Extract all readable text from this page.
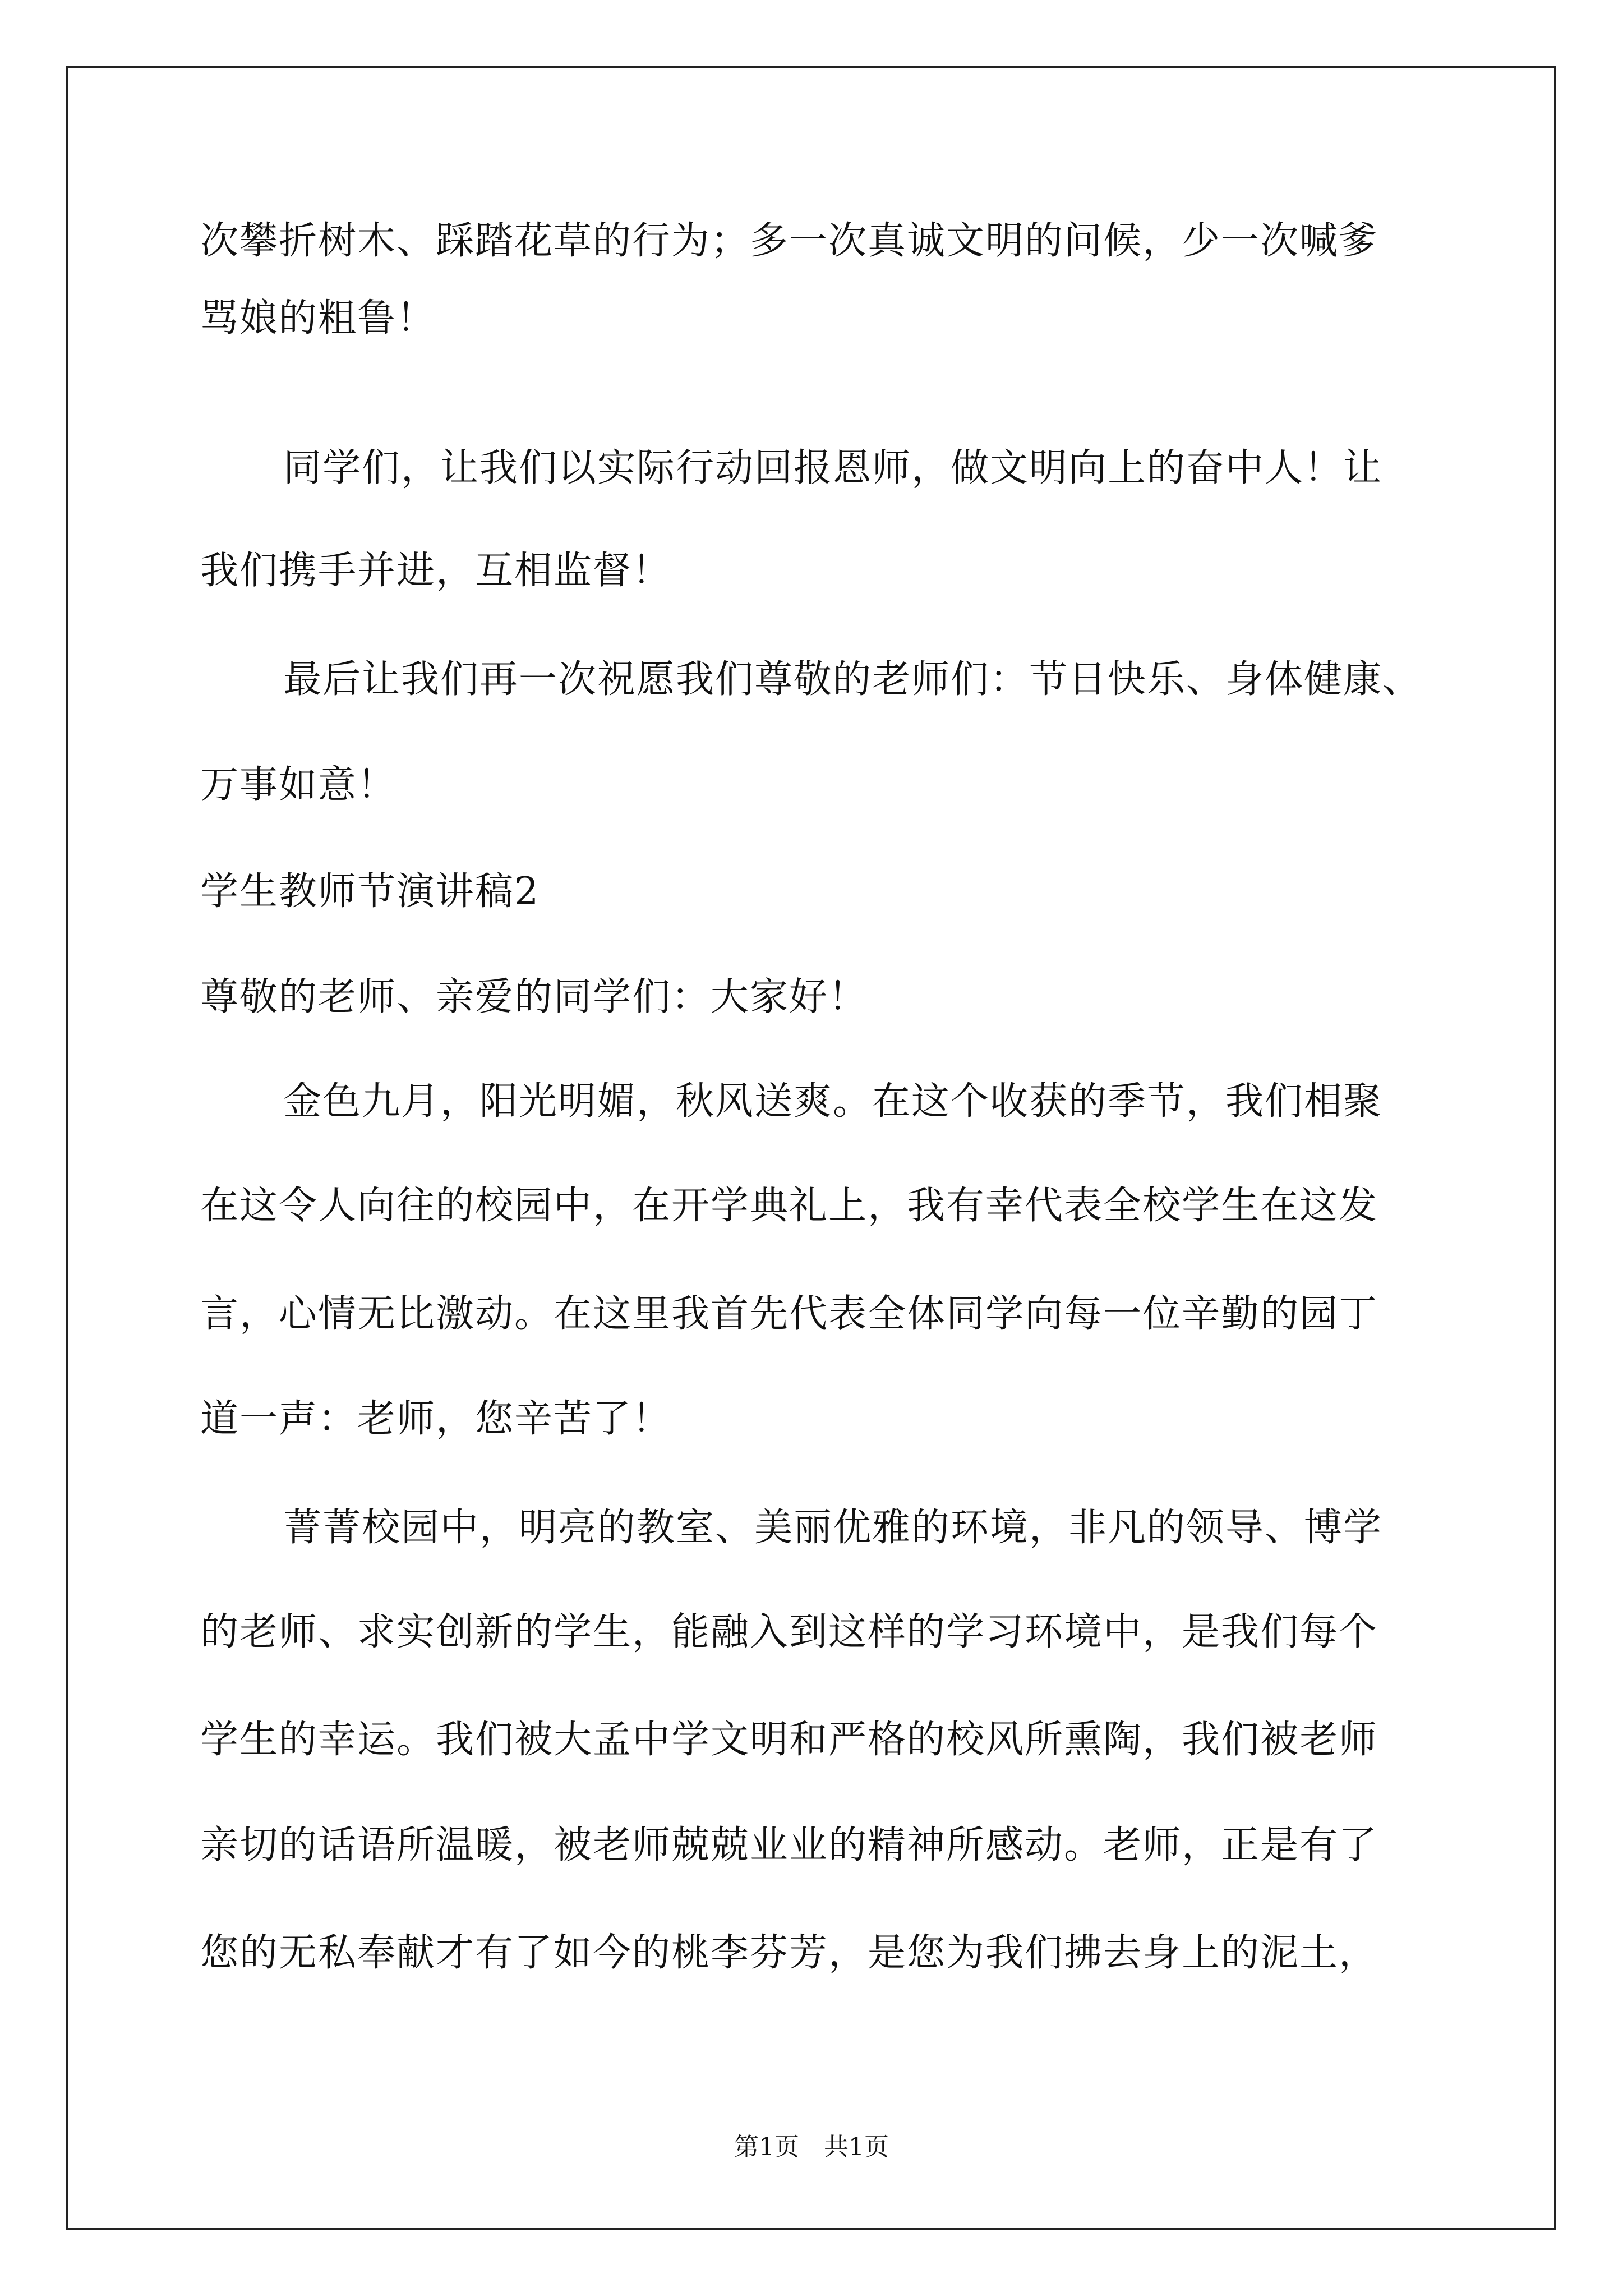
次攀折树木、踩踏花草的行为；多一次真诚文明的问候，少一次喊爹
骂娘的粗鲁！
同学们，让我们以实际行动回报恩师，做文明向上的奋中人！让
我们携手并进，互相监督！
最后让我们再一次祝愿我们尊敬的老师们：节日快乐、身体健康、
万事如意！
学生教师节演讲稿2
尊敬的老师、亲爱的同学们：大家好！
金色九月，阳光明媚，秋风送爽。在这个收获的季节，我们相聚
在这令人向往的校园中，在开学典礼上，我有幸代表全校学生在这发
言，心情无比激动。在这里我首先代表全体同学向每一位辛勤的园丁
道一声：老师，您辛苦了！
菁菁校园中，明亮的教室、美丽优雅的环境，非凡的领导、博学
的老师、求实创新的学生，能融入到这样的学习环境中，是我们每个
学生的幸运。我们被大孟中学文明和严格的校风所熏陶，我们被老师
亲切的话语所温暖，被老师兢兢业业的精神所感动。老师，正是有了
您的无私奉献才有了如今的桃李芬芳，是您为我们拂去身上的泥土，
第1页　共1页
